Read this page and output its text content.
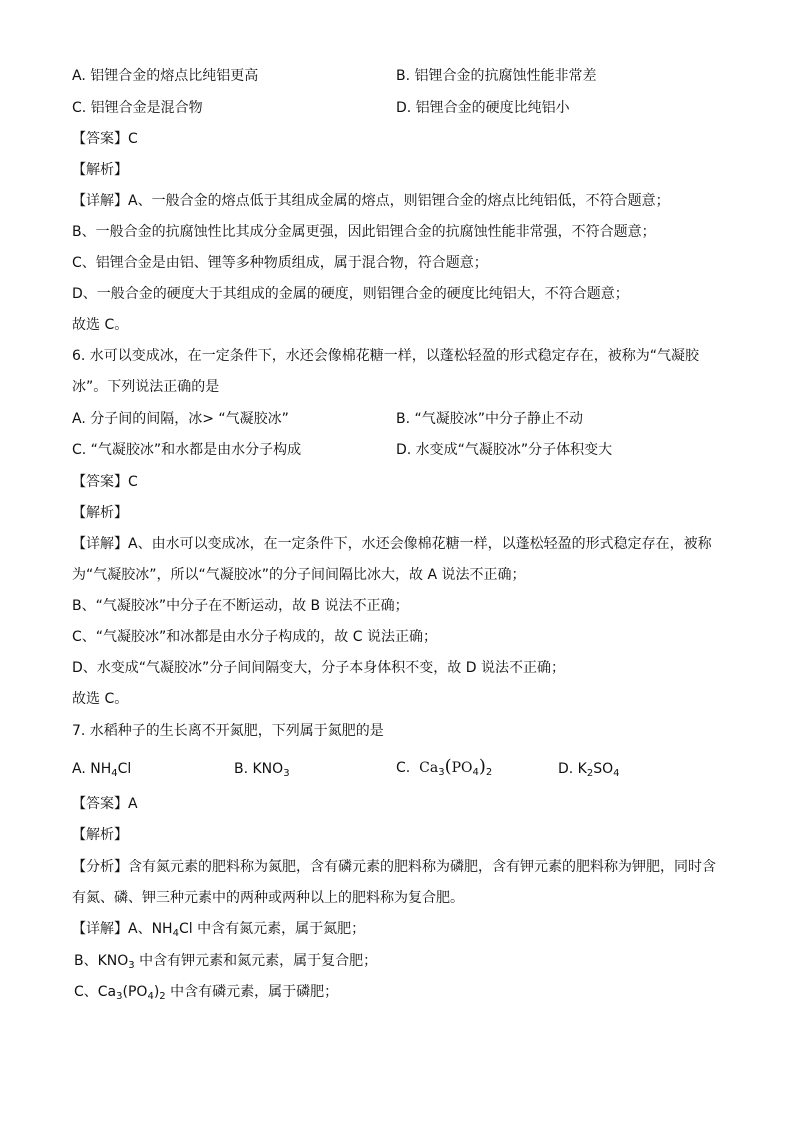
A. 铝锂合金的熔点比纯铝更高	B. 铝锂合金的抗腐蚀性能非常差
C. 铝锂合金是混合物	D. 铝锂合金的硬度比纯铝小
【答案】C
【解析】
【详解】A、一般合金的熔点低于其组成金属的熔点，则铝锂合金的熔点比纯铝低，不符合题意；
B、一般合金的抗腐蚀性比其成分金属更强，因此铝锂合金的抗腐蚀性能非常强，不符合题意；
C、铝锂合金是由铝、锂等多种物质组成，属于混合物，符合题意；
D、一般合金的硬度大于其组成的金属的硬度，则铝锂合金的硬度比纯铝大，不符合题意；
故选 C。
6. 水可以变成冰，在一定条件下，水还会像棉花糖一样，以蓬松轻盈的形式稳定存在，被称为“气凝胶
冰”。下列说法正确的是
A. 分子间的间隔，冰> “气凝胶冰”	B. “气凝胶冰”中分子静止不动
C. “气凝胶冰”和水都是由水分子构成	D. 水变成“气凝胶冰”分子体积变大
【答案】C
【解析】
【详解】A、由水可以变成冰，在一定条件下，水还会像棉花糖一样，以蓬松轻盈的形式稳定存在，被称
为“气凝胶冰”，所以“气凝胶冰”的分子间间隔比冰大，故 A 说法不正确；
B、“气凝胶冰”中分子在不断运动，故 B 说法不正确；
C、“气凝胶冰”和冰都是由水分子构成的，故 C 说法正确；
D、水变成“气凝胶冰”分子间间隔变大，分子本身体积不变，故 D 说法不正确；
故选 C。
7. 水稻种子的生长离不开氮肥，下列属于氮肥的是
A. $NH_4Cl$	B. $KNO_3$	C. $Ca_3(PO_4)_2$	D. $K_2SO_4$
【答案】A
【解析】
【分析】含有氮元素的肥料称为氮肥，含有磷元素的肥料称为磷肥，含有钾元素的肥料称为钾肥，同时含
有氮、磷、钾三种元素中的两种或两种以上的肥料称为复合肥。
【详解】A、$NH_4Cl$ 中含有氮元素，属于氮肥；
B、$KNO_3$ 中含有钾元素和氮元素，属于复合肥；
C、$Ca_3(PO_4)_2$ 中含有磷元素，属于磷肥；
